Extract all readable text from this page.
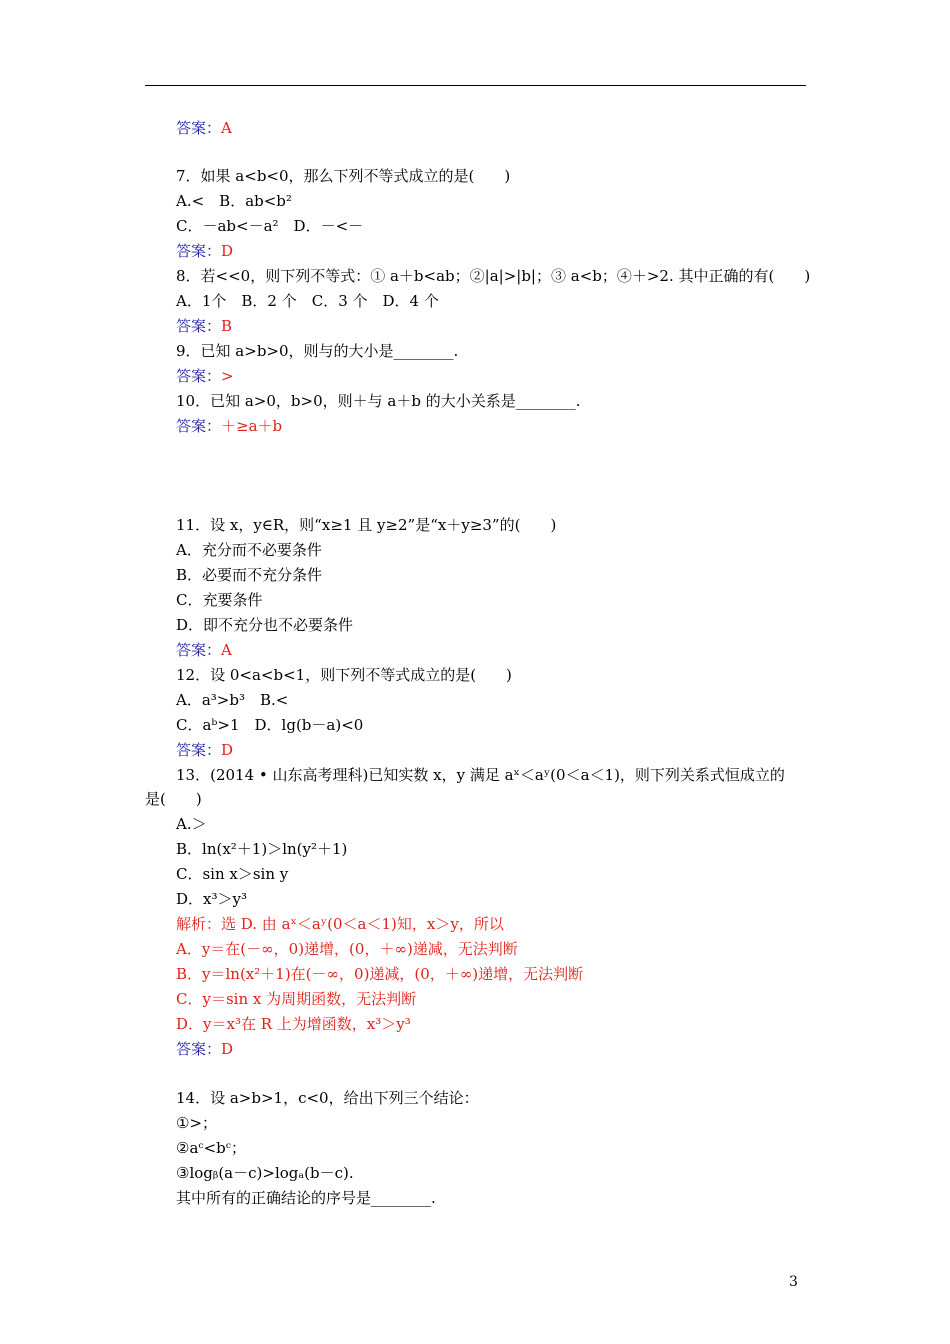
答案：A
7．如果 a<b<0，那么下列不等式成立的是(　　)
A.<　B．ab<b²
C．－ab<－a²　D．－<－
答案：D
8．若<<0，则下列不等式：① a＋b<ab；②|a|>|b|；③ a<b；④＋>2. 其中正确的有(　　)
A．1个　B．2 个　C．3 个　D．4 个
答案：B
9．已知 a>b>0，则与的大小是________.
答案：>
10．已知 a>0，b>0，则＋与 a＋b 的大小关系是________.
答案：＋≥a＋b
11．设 x，y∈R，则“x≥1 且 y≥2”是“x＋y≥3”的(　　)
A．充分而不必要条件
B．必要而不充分条件
C．充要条件
D．即不充分也不必要条件
答案：A
12．设 0<a<b<1，则下列不等式成立的是(　　)
A．a³>b³　B.<
C．aᵇ>1　D．lg(b－a)<0
答案：D
13．(2014 • 山东高考理科)已知实数 x，y 满足 aˣ＜aʸ(0＜a＜1)，则下列关系式恒成立的
是(　　)
A.＞
B．ln(x²＋1)＞ln(y²＋1)
C．sin x＞sin y
D．x³＞y³
解析：选 D. 由 aˣ＜aʸ(0＜a＜1)知，x＞y，所以
A．y＝在(－∞，0)递增，(0，＋∞)递减，无法判断
B．y＝ln(x²＋1)在(－∞，0)递减，(0，＋∞)递增，无法判断
C．y＝sin x 为周期函数，无法判断
D．y＝x³在 R 上为增函数，x³＞y³
答案：D
14．设 a>b>1，c<0，给出下列三个结论：
①>；
②aᶜ<bᶜ；
③logᵦ(a－c)>logₐ(b－c).
其中所有的正确结论的序号是________.
3
